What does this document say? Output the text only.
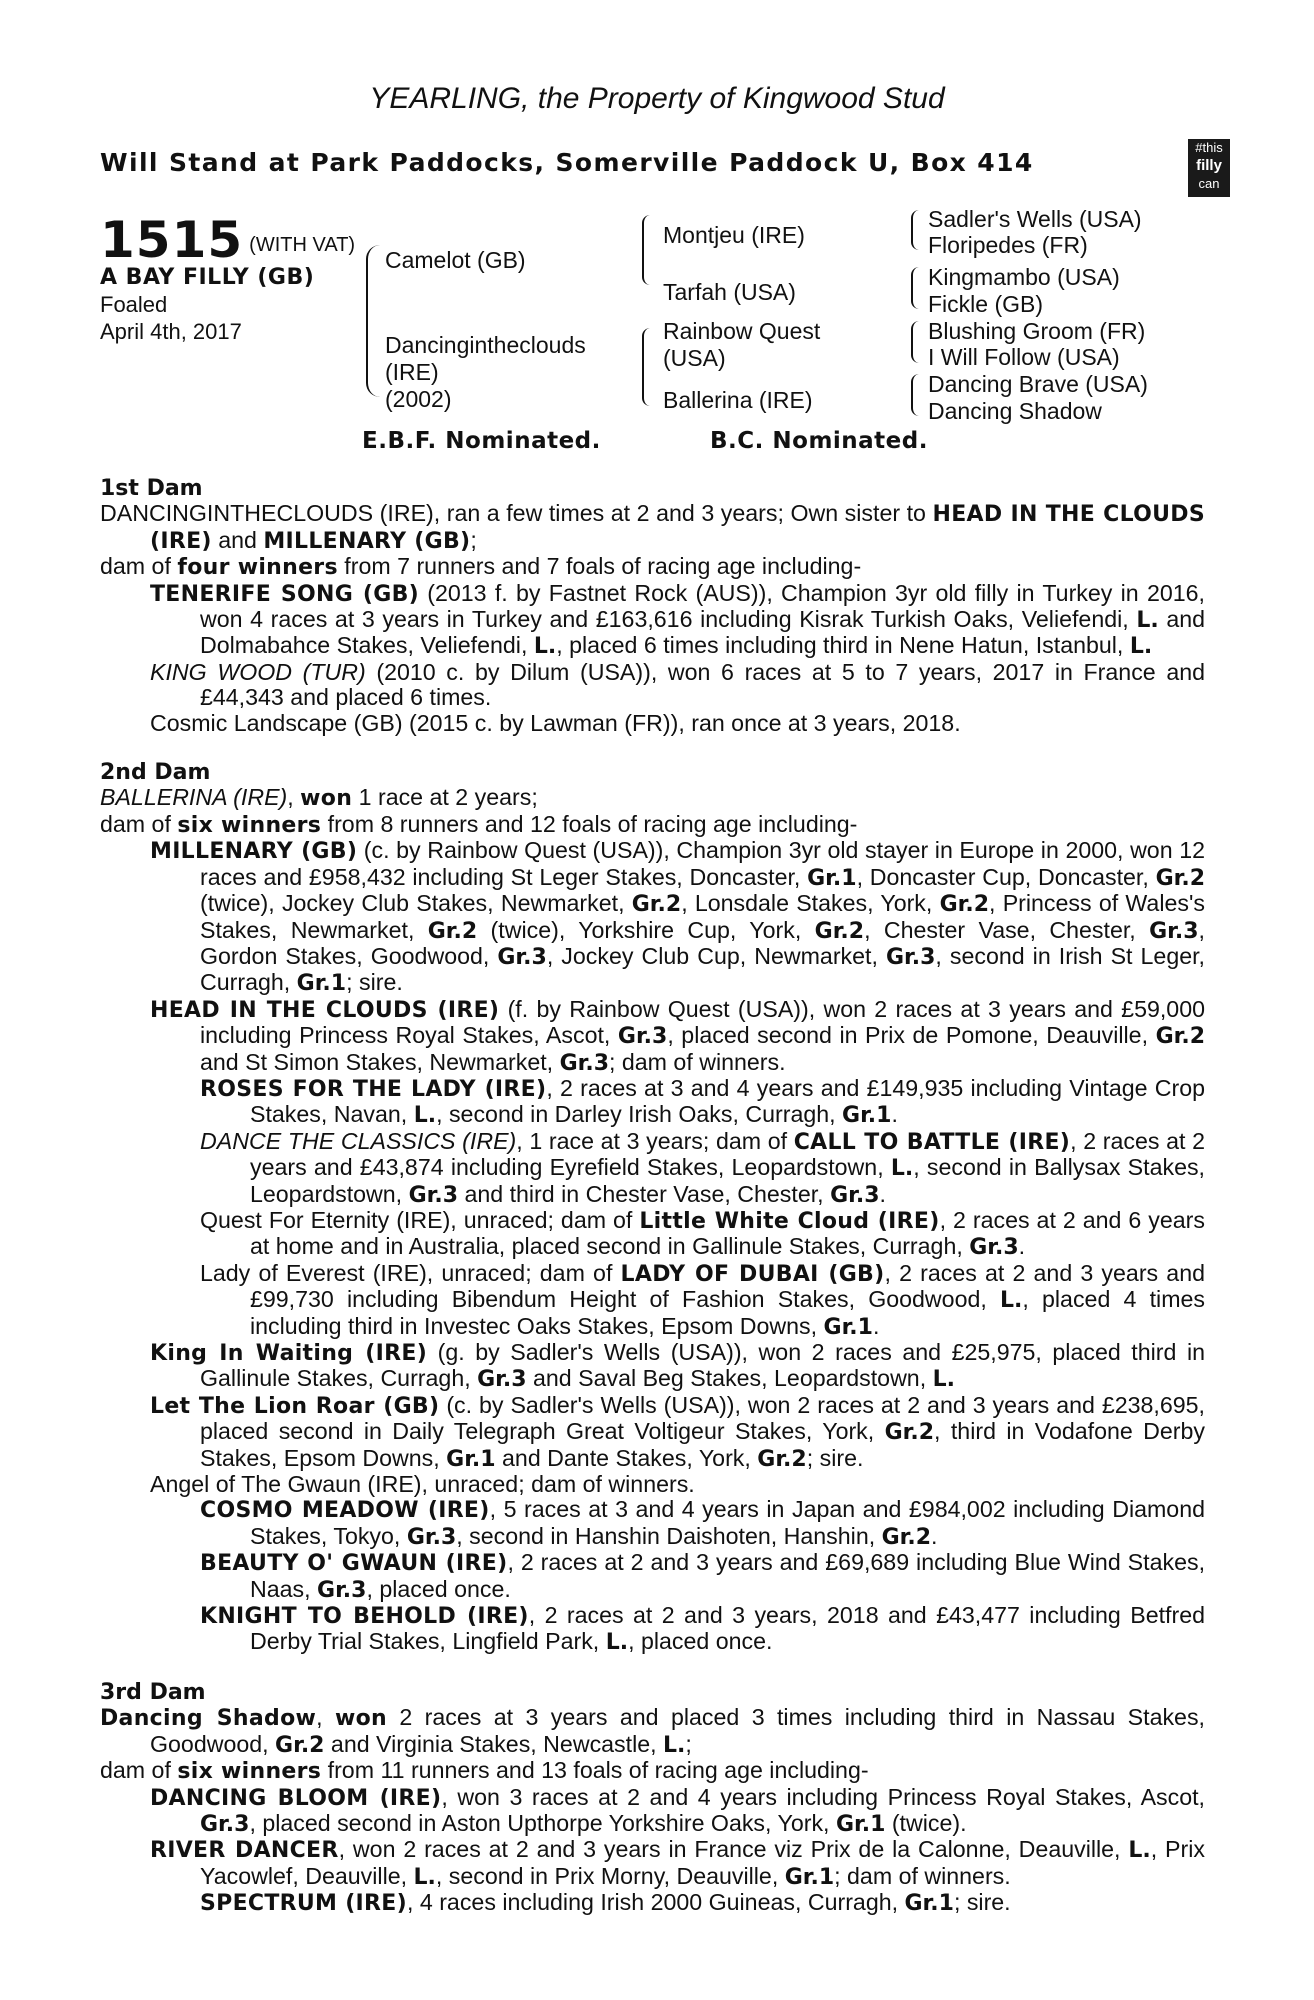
YEARLING, the Property of Kingwood Stud
Will Stand at Park Paddocks, Somerville Paddock U, Box 414
#this
filly
can
1515 (WITH VAT)
A BAY FILLY (GB)
Foaled
April 4th, 2017
Camelot (GB)
Dancinginthеclouds
(IRE)
(2002)
Montjeu (IRE)
Tarfah (USA)
Rainbow Quest
(USA)
Ballerina (IRE)
Sadler's Wells (USA)
Floripedes (FR)
Kingmambo (USA)
Fickle (GB)
Blushing Groom (FR)
I Will Follow (USA)
Dancing Brave (USA)
Dancing Shadow
E.B.F. Nominated.	B.C. Nominated.
1st Dam
DANCINGINTHECLOUDS (IRE), ran a few times at 2 and 3 years; Own sister to HEAD IN THE CLOUDS (IRE) and MILLENARY (GB);
dam of four winners from 7 runners and 7 foals of racing age including-
TENERIFE SONG (GB) (2013 f. by Fastnet Rock (AUS)), Champion 3yr old filly in Turkey in 2016, won 4 races at 3 years in Turkey and £163,616 including Kisrak Turkish Oaks, Veliefendi, L. and Dolmabahce Stakes, Veliefendi, L., placed 6 times including third in Nene Hatun, Istanbul, L.
KING WOOD (TUR) (2010 c. by Dilum (USA)), won 6 races at 5 to 7 years, 2017 in France and £44,343 and placed 6 times.
Cosmic Landscape (GB) (2015 c. by Lawman (FR)), ran once at 3 years, 2018.
2nd Dam
BALLERINA (IRE), won 1 race at 2 years;
dam of six winners from 8 runners and 12 foals of racing age including-
MILLENARY (GB) (c. by Rainbow Quest (USA)), Champion 3yr old stayer in Europe in 2000, won 12 races and £958,432 including St Leger Stakes, Doncaster, Gr.1, Doncaster Cup, Doncaster, Gr.2 (twice), Jockey Club Stakes, Newmarket, Gr.2, Lonsdale Stakes, York, Gr.2, Princess of Wales's Stakes, Newmarket, Gr.2 (twice), Yorkshire Cup, York, Gr.2, Chester Vase, Chester, Gr.3, Gordon Stakes, Goodwood, Gr.3, Jockey Club Cup, Newmarket, Gr.3, second in Irish St Leger, Curragh, Gr.1; sire.
HEAD IN THE CLOUDS (IRE) (f. by Rainbow Quest (USA)), won 2 races at 3 years and £59,000 including Princess Royal Stakes, Ascot, Gr.3, placed second in Prix de Pomone, Deauville, Gr.2 and St Simon Stakes, Newmarket, Gr.3; dam of winners.
ROSES FOR THE LADY (IRE), 2 races at 3 and 4 years and £149,935 including Vintage Crop Stakes, Navan, L., second in Darley Irish Oaks, Curragh, Gr.1.
DANCE THE CLASSICS (IRE), 1 race at 3 years; dam of CALL TO BATTLE (IRE), 2 races at 2 years and £43,874 including Eyrefield Stakes, Leopardstown, L., second in Ballysax Stakes, Leopardstown, Gr.3 and third in Chester Vase, Chester, Gr.3.
Quest For Eternity (IRE), unraced; dam of Little White Cloud (IRE), 2 races at 2 and 6 years at home and in Australia, placed second in Gallinule Stakes, Curragh, Gr.3.
Lady of Everest (IRE), unraced; dam of LADY OF DUBAI (GB), 2 races at 2 and 3 years and £99,730 including Bibendum Height of Fashion Stakes, Goodwood, L., placed 4 times including third in Investec Oaks Stakes, Epsom Downs, Gr.1.
King In Waiting (IRE) (g. by Sadler's Wells (USA)), won 2 races and £25,975, placed third in Gallinule Stakes, Curragh, Gr.3 and Saval Beg Stakes, Leopardstown, L.
Let The Lion Roar (GB) (c. by Sadler's Wells (USA)), won 2 races at 2 and 3 years and £238,695, placed second in Daily Telegraph Great Voltigeur Stakes, York, Gr.2, third in Vodafone Derby Stakes, Epsom Downs, Gr.1 and Dante Stakes, York, Gr.2; sire.
Angel of The Gwaun (IRE), unraced; dam of winners.
COSMO MEADOW (IRE), 5 races at 3 and 4 years in Japan and £984,002 including Diamond Stakes, Tokyo, Gr.3, second in Hanshin Daishoten, Hanshin, Gr.2.
BEAUTY O' GWAUN (IRE), 2 races at 2 and 3 years and £69,689 including Blue Wind Stakes, Naas, Gr.3, placed once.
KNIGHT TO BEHOLD (IRE), 2 races at 2 and 3 years, 2018 and £43,477 including Betfred Derby Trial Stakes, Lingfield Park, L., placed once.
3rd Dam
Dancing Shadow, won 2 races at 3 years and placed 3 times including third in Nassau Stakes, Goodwood, Gr.2 and Virginia Stakes, Newcastle, L.;
dam of six winners from 11 runners and 13 foals of racing age including-
DANCING BLOOM (IRE), won 3 races at 2 and 4 years including Princess Royal Stakes, Ascot, Gr.3, placed second in Aston Upthorpe Yorkshire Oaks, York, Gr.1 (twice).
RIVER DANCER, won 2 races at 2 and 3 years in France viz Prix de la Calonne, Deauville, L., Prix Yacowlef, Deauville, L., second in Prix Morny, Deauville, Gr.1; dam of winners.
SPECTRUM (IRE), 4 races including Irish 2000 Guineas, Curragh, Gr.1; sire.
